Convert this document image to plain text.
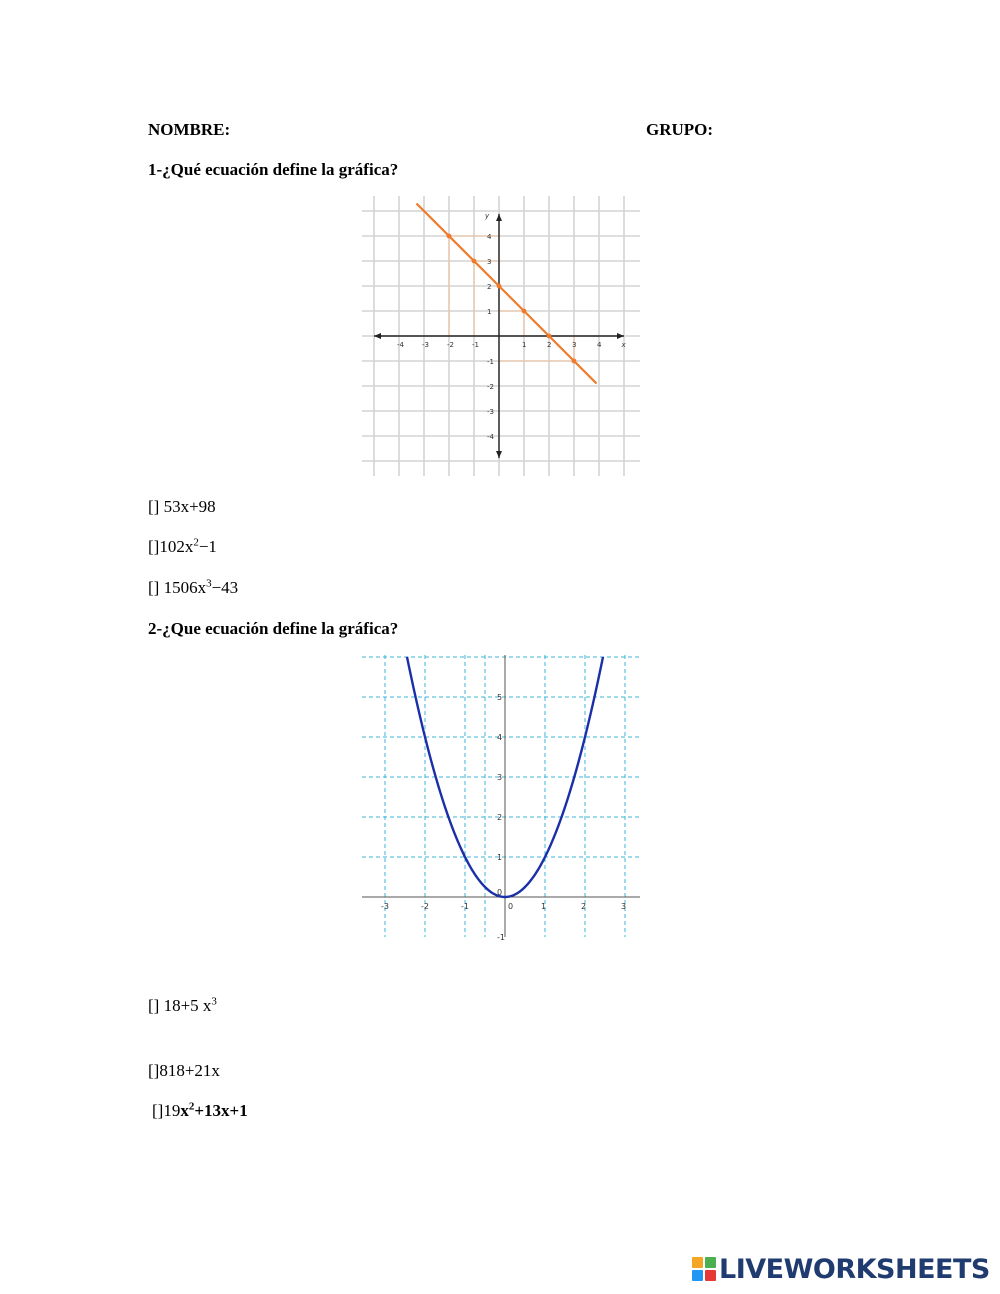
NOMBRE:	GRUPO:
1-¿Qué ecuación define la gráfica?
-4	-3	-2	-1	1	2	3	4
4
3
2
1
-1
-2
-3
-4
x
y
[] 53x+98
$[]102x^2-1$
[] $1506x^3-43$
2-¿Que ecuación define la gráfica?
-3	-2	-1	0	1	2	3
5
4
3
2
1
-1
0
[] 18+5 $x^3$
[]818+21x
$[]19x^2+13x+1$
LIVEWORKSHEETS
